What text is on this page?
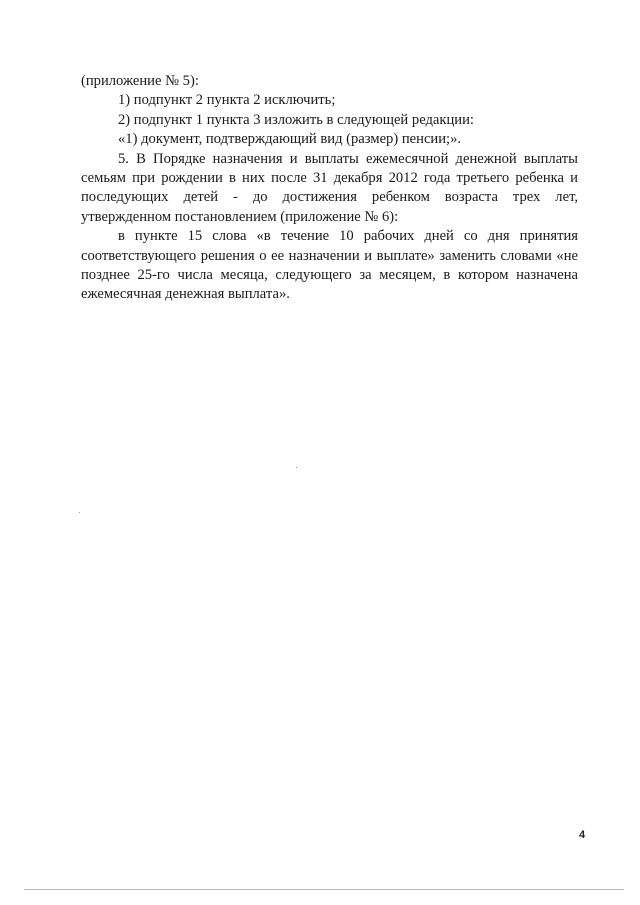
(приложение № 5):

1) подпункт 2 пункта 2 исключить;

2) подпункт 1 пункта 3 изложить в следующей редакции:

«1) документ, подтверждающий вид (размер) пенсии;».

5. В Порядке назначения и выплаты ежемесячной денежной выплаты семьям при рождении в них после 31 декабря 2012 года третьего ребенка и последующих детей - до достижения ребенком возраста трех лет, утвержденном постановлением (приложение № 6):

в пункте 15 слова «в течение 10 рабочих дней со дня принятия соответствующего решения о ее назначении и выплате» заменить словами «не позднее 25-го числа месяца, следующего за месяцем, в котором назначена ежемесячная денежная выплата».

4
